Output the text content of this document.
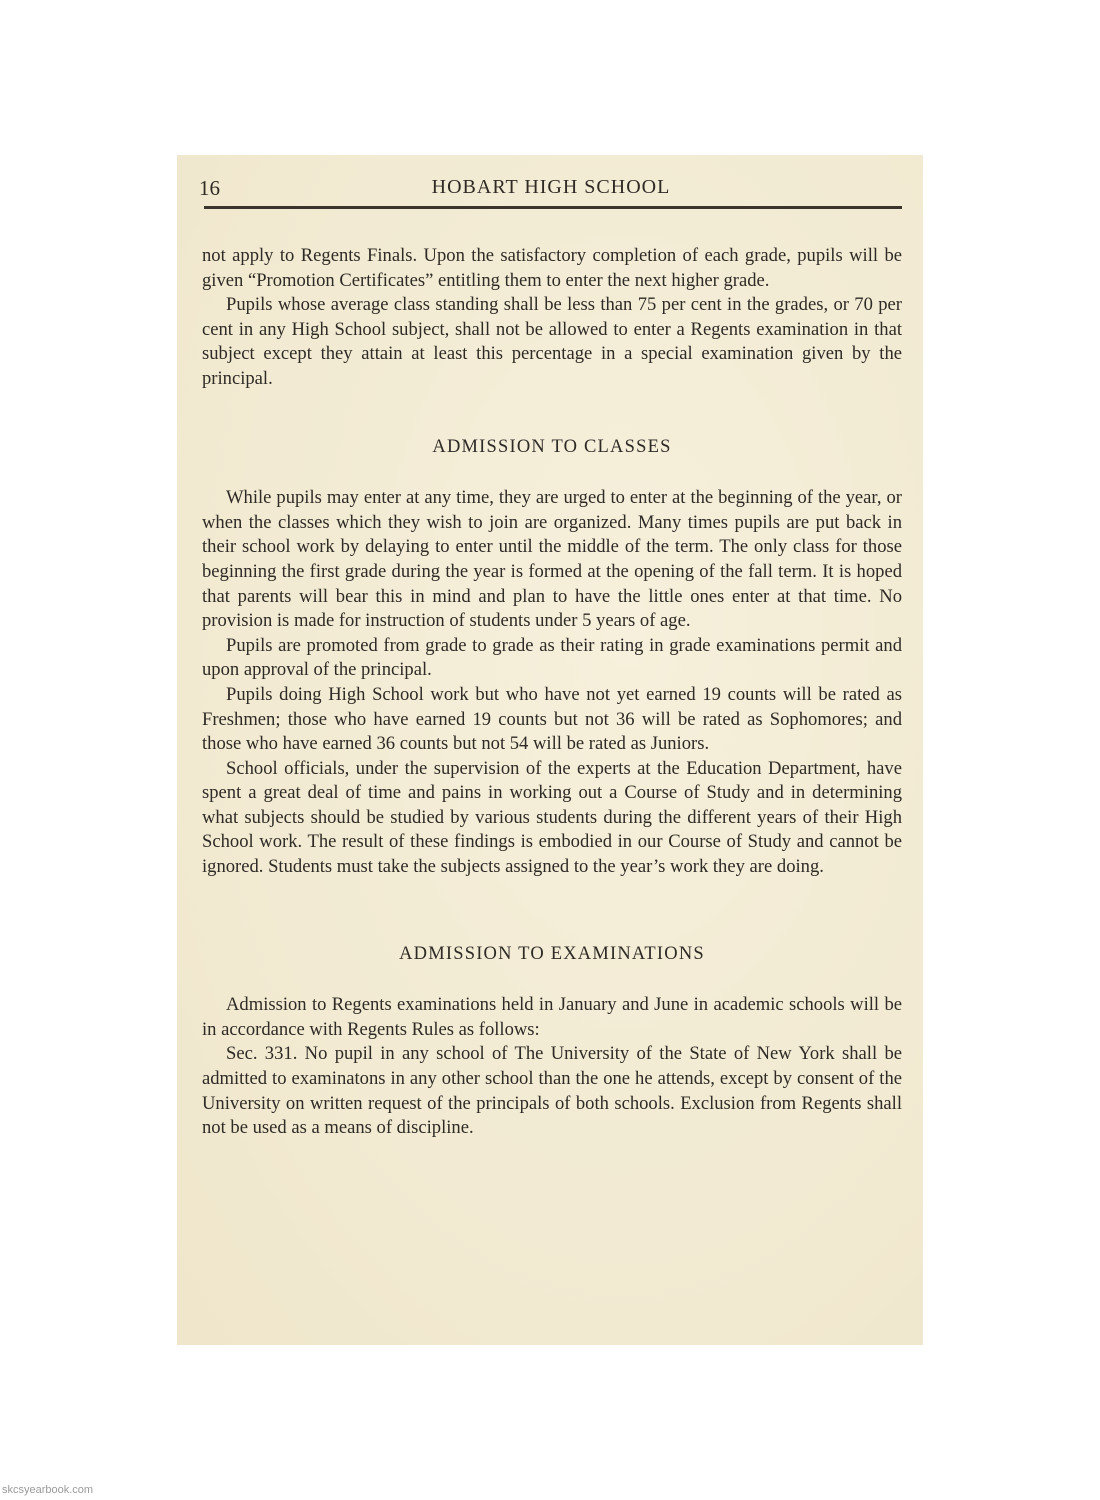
16	HOBART HIGH SCHOOL

not apply to Regents Finals. Upon the satisfactory completion of each grade, pupils will be given “Promotion Certificates” entitling them to enter the next higher grade.

Pupils whose average class standing shall be less than 75 per cent in the grades, or 70 per cent in any High School subject, shall not be allowed to enter a Regents examination in that subject except they attain at least this percentage in a special examination given by the principal.

ADMISSION TO CLASSES

While pupils may enter at any time, they are urged to enter at the beginning of the year, or when the classes which they wish to join are organized. Many times pupils are put back in their school work by delaying to enter until the middle of the term. The only class for those beginning the first grade during the year is formed at the opening of the fall term. It is hoped that parents will bear this in mind and plan to have the little ones enter at that time. No provision is made for instruction of students under 5 years of age.

Pupils are promoted from grade to grade as their rating in grade examinations permit and upon approval of the principal.

Pupils doing High School work but who have not yet earned 19 counts will be rated as Freshmen; those who have earned 19 counts but not 36 will be rated as Sophomores; and those who have earned 36 counts but not 54 will be rated as Juniors.

School officials, under the supervision of the experts at the Education Department, have spent a great deal of time and pains in working out a Course of Study and in determining what subjects should be studied by various students during the different years of their High School work. The result of these findings is embodied in our Course of Study and cannot be ignored. Students must take the subjects assigned to the year’s work they are doing.

ADMISSION TO EXAMINATIONS

Admission to Regents examinations held in January and June in academic schools will be in accordance with Regents Rules as follows:

Sec. 331. No pupil in any school of The University of the State of New York shall be admitted to examinatons in any other school than the one he attends, except by consent of the University on written request of the principals of both schools. Exclusion from Regents shall not be used as a means of discipline.

skcsyearbook.com
